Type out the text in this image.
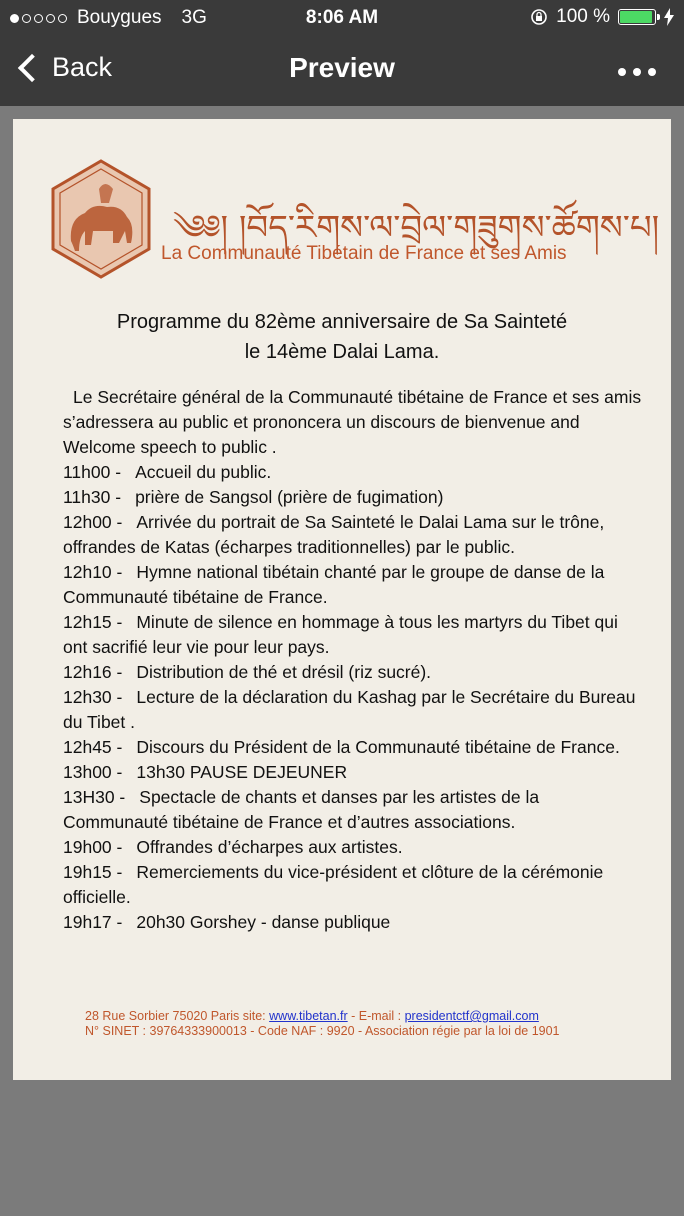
Bouygues 3G	8:06 AM	100 %
Back	Preview
༄༅། །བོད་རིགས་ལ་བྲེལ་གཟུགས་ཚོགས་པ།
La Communauté Tibétain de France et ses Amis
Programme du 82ème anniversaire de Sa Sainteté
le 14ème Dalai Lama.

Le Secrétaire général de la Communauté tibétaine de France et ses amis s’adressera au public et prononcera un discours de bienvenue and Welcome speech to public .

11h00 - Accueil du public.

11h30 - prière de Sangsol (prière de fugimation)

12h00 - Arrivée du portrait de Sa Sainteté le Dalai Lama sur le trône, offrandes de Katas (écharpes traditionnelles) par le public.

12h10 - Hymne national tibétain chanté par le groupe de danse de la Communauté tibétaine de France.

12h15 - Minute de silence en hommage à tous les martyrs du Tibet qui ont sacrifié leur vie pour leur pays.

12h16 - Distribution de thé et drésil (riz sucré).

12h30 - Lecture de la déclaration du Kashag par le Secrétaire du Bureau du Tibet .

12h45 - Discours du Président de la Communauté tibétaine de France.

13h00 - 13h30 PAUSE DEJEUNER

13H30 - Spectacle de chants et danses par les artistes de la Communauté tibétaine de France et d’autres associations.

19h00 - Offrandes d’écharpes aux artistes.

19h15 - Remerciements du vice-président et clôture de la cérémonie officielle.

19h17 - 20h30 Gorshey - danse publique

28 Rue Sorbier 75020 Paris site: www.tibetan.fr - E-mail : presidentctf@gmail.com
N° SINET : 39764333900013 - Code NAF : 9920 - Association régie par la loi de 1901
